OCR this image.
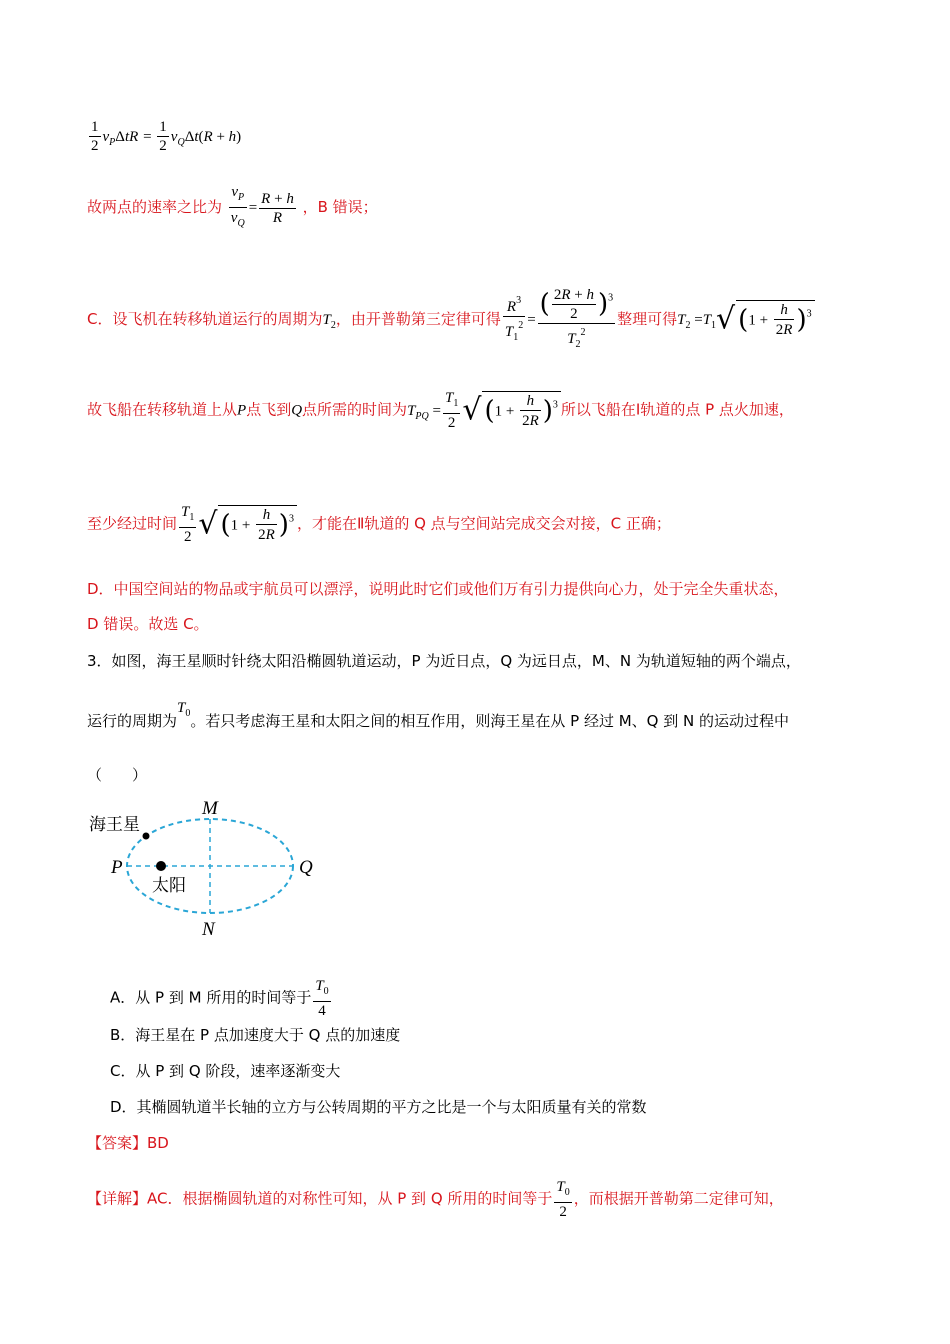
$\frac{1}{2} v_P\Delta tR = \frac{1}{2} v_Q\Delta t(R + h)$
故两点的速率之比为 $\frac{v_P}{v_Q} = \frac{R + h}{R}$ ，B 错误；
C．设飞机在转移轨道运行的周期为$T_2$，由开普勒第三定律可得 $\frac{R^3}{T_1^2} = \frac{( \frac{2R + h}{2} )^3}{T_2^2}$ 整理可得$T_2 =T_1√$ $(1 + \frac{h}{2R} )^3$
故飞船在转移轨道上从P点飞到Q点所需的时间为$T_{PQ} = \frac{T_1}{2}$ √ $(1 + \frac{h}{2R} )^3$ 所以飞船在Ⅰ轨道的点 P 点火加速，
至少经过时间 $\frac{T_1}{2}$ √ $(1 + \frac{h}{2R} )^3$ ，才能在Ⅱ轨道的 Q 点与空间站完成交会对接，C 正确；
D．中国空间站的物品或宇航员可以漂浮，说明此时它们或他们万有引力提供向心力，处于完全失重状态，
D 错误。故选 C。
3．如图，海王星顺时针绕太阳沿椭圆轨道运动，P 为近日点，Q 为远日点，M、N 为轨道短轴的两个端点，
运行的周期为$T_0$。若只考虑海王星和太阳之间的相互作用，则海王星在从 P 经过 M、Q 到 N 的运动过程中
（　　）
海王星
太阳
P	Q
M
N
A．从 P 到 M 所用的时间等于 $\frac{T_0}{4}$
B．海王星在 P 点加速度大于 Q 点的加速度
C．从 P 到 Q 阶段，速率逐渐变大
D．其椭圆轨道半长轴的立方与公转周期的平方之比是一个与太阳质量有关的常数
【答案】BD
【详解】AC．根据椭圆轨道的对称性可知，从 P 到 Q 所用的时间等于 $\frac{T_0}{2}$ ，而根据开普勒第二定律可知，
